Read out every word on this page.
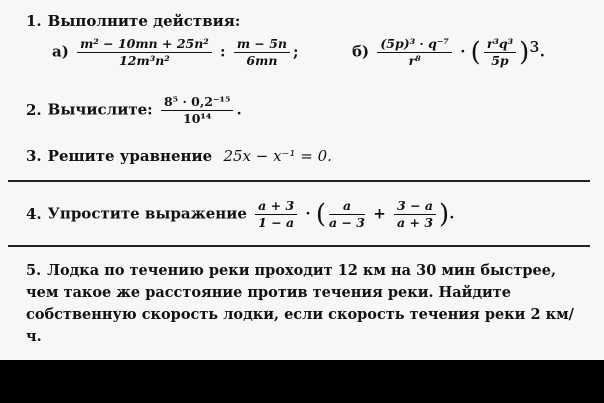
1. Выполните действия:
$а) \frac{\text{m² − 10mn + 25n²}}{\text{12m³n²}}$ : $\frac{m - 5n}{6mn}$ ;	$б) \frac{\text{(5p)³ · q⁻⁷}}{\text{r⁸}}$ · ( $\frac{\text{r³q³}}{5p} )^3$.
2. Вычислите: $\frac{\text{8⁵ · 0,2⁻¹⁵}}{\text{10¹⁴}}$ .
3. Решите уравнение 25x − x⁻¹ = 0.
4. Упростите выражение $\frac{a + 3}{1 - a}$ · ( $\frac{a}{a - 3} + \frac{3 - a}{a + 3}$ ).
5. Лодка по течению реки проходит 12 км на 30 мин быстрее, чем такое же расстояние против течения реки. Найдите собственную скорость лодки, если скорость течения реки 2 км/ч.
